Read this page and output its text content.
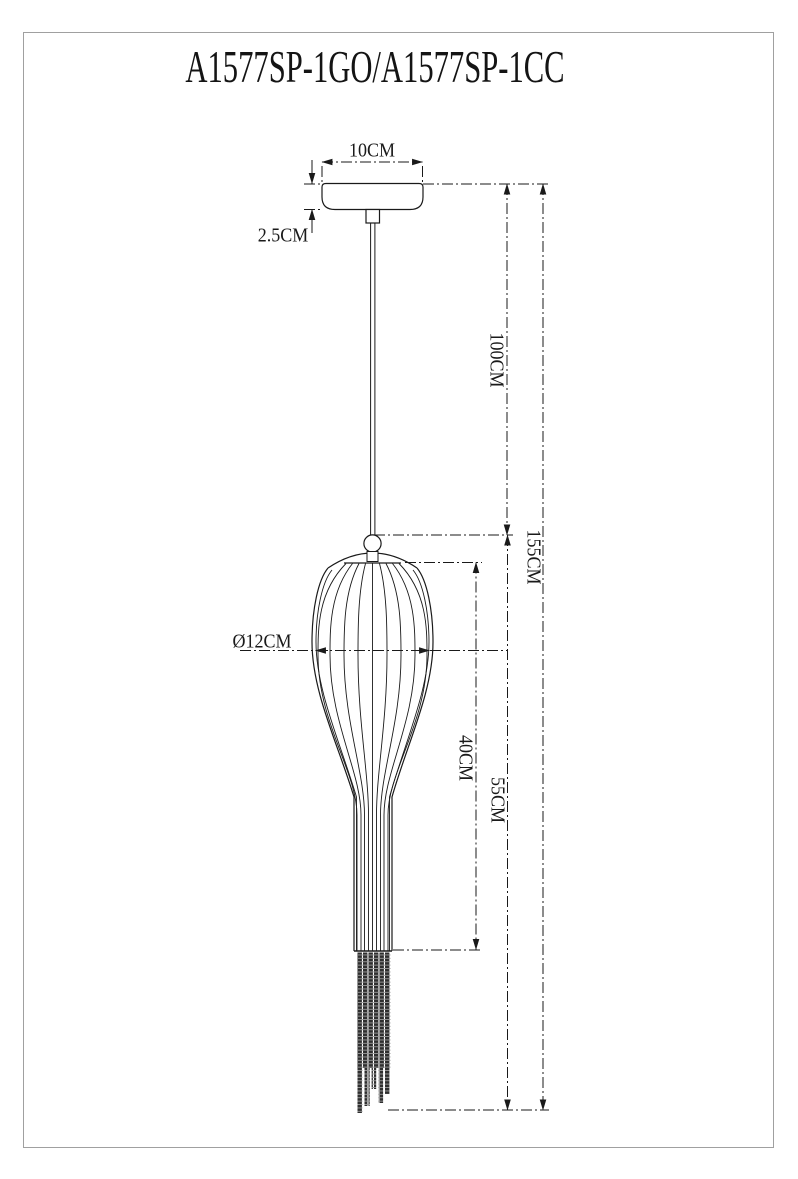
A1577SP-1GO/A1577SP-1CC
10CM
2.5CM
100CM
155CM
Ø12CM
40CM
55CM
